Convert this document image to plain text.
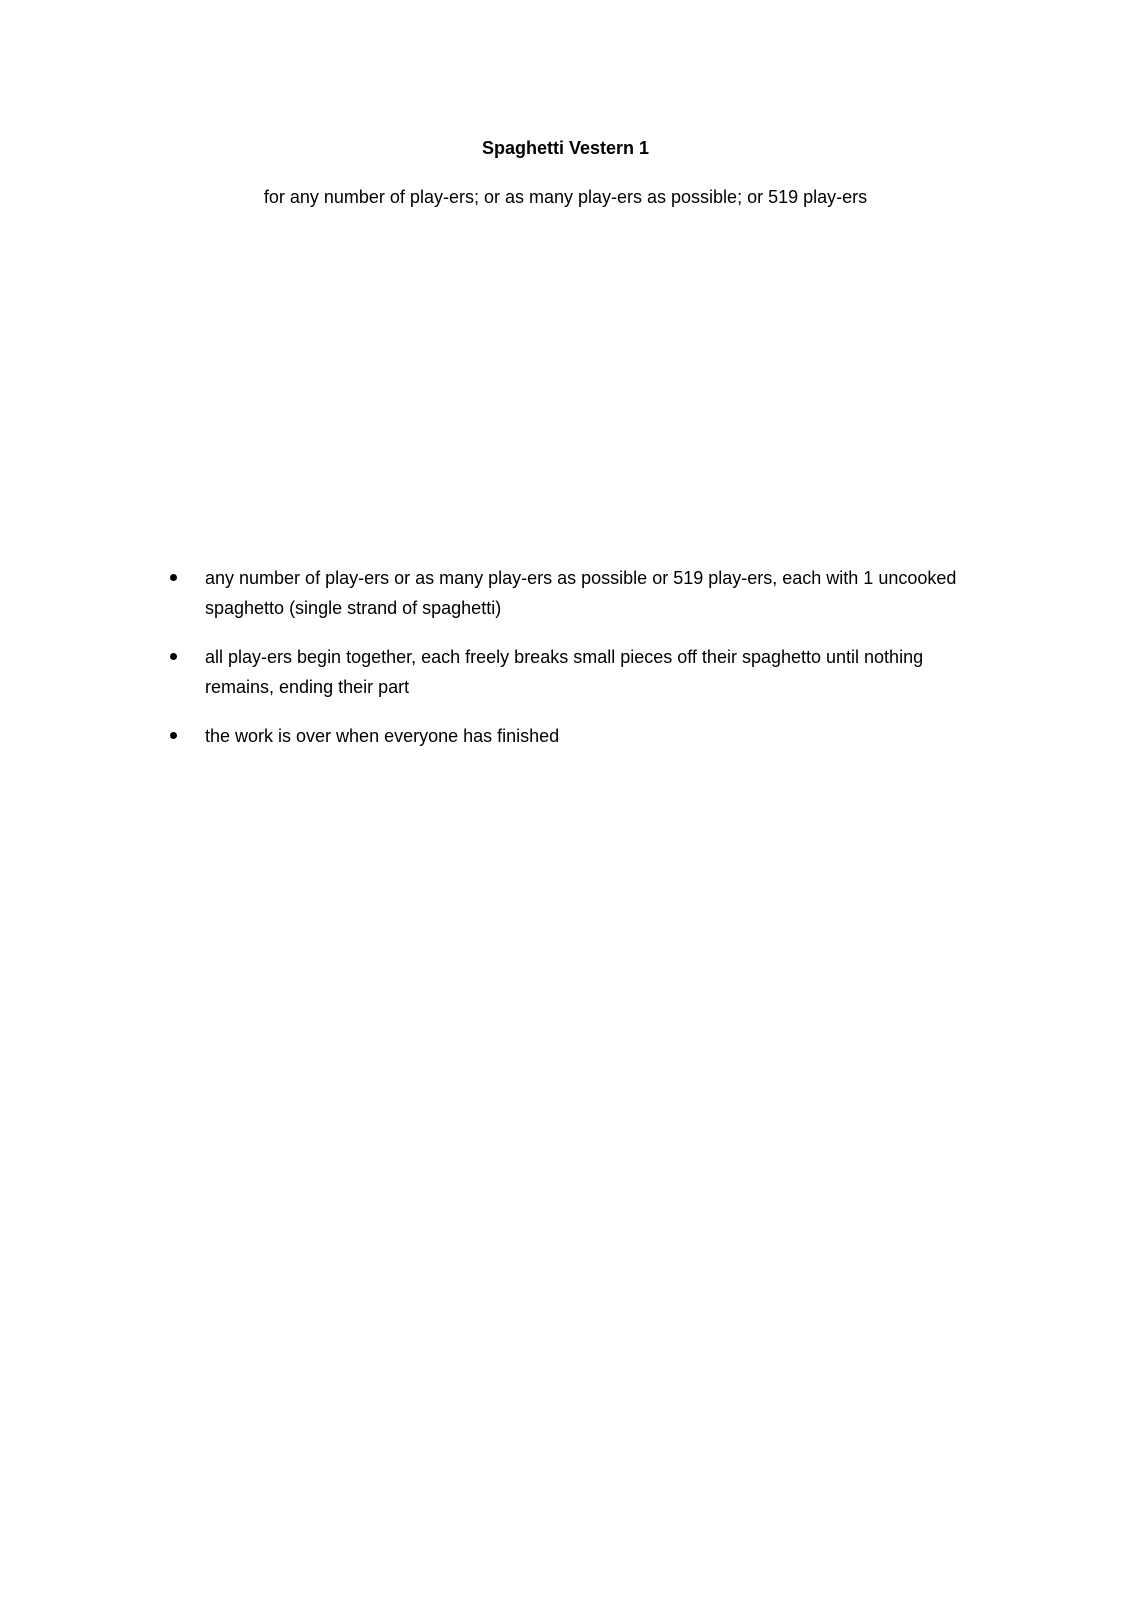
Spaghetti Vestern 1
for any number of play-ers; or as many play-ers as possible; or 519 play-ers
any number of play-ers or as many play-ers as possible or 519 play-ers, each with 1 uncooked spaghetto (single strand of spaghetti)
all play-ers begin together, each freely breaks small pieces off their spaghetto until nothing remains, ending their part
the work is over when everyone has finished
